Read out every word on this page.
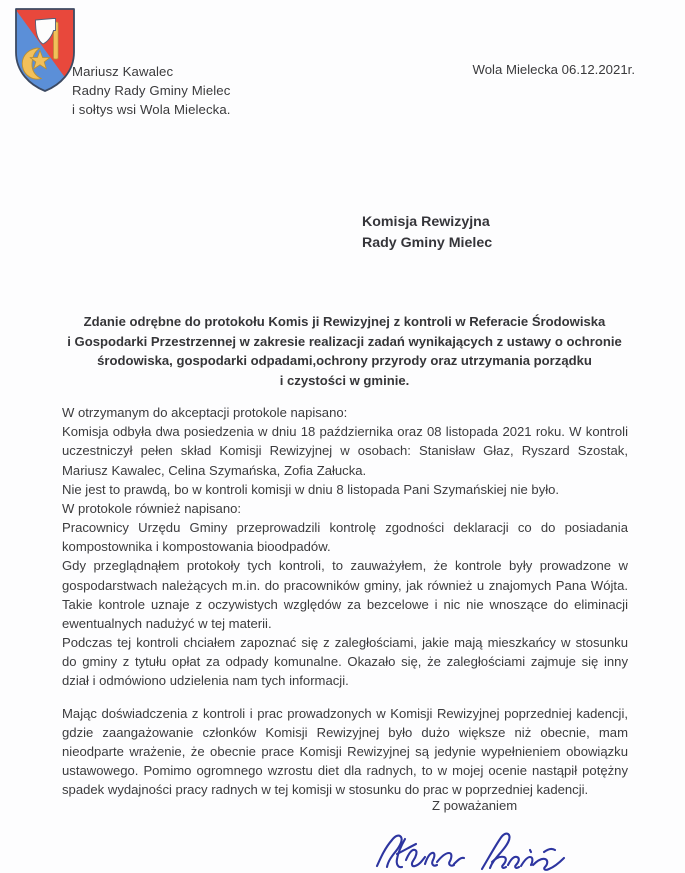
Mariusz Kawalec
Radny Rady Gminy Mielec
i sołtys wsi Wola Mielecka.
Wola Mielecka 06.12.2021r.
Komisja Rewizyjna
Rady Gminy Mielec
Zdanie odrębne do protokołu Komis ji Rewizyjnej z kontroli w Referacie Środowiska
i Gospodarki Przestrzennej w zakresie realizacji zadań wynikających z ustawy o ochronie
środowiska, gospodarki odpadami,ochrony przyrody oraz utrzymania porządku
i czystości w gminie.

W otrzymanym do akceptacji protokole napisano:

Komisja odbyła dwa posiedzenia w dniu 18 października oraz 08 listopada 2021 roku. W kontroli uczestniczył pełen skład Komisji Rewizyjnej w osobach: Stanisław Głaz, Ryszard Szostak, Mariusz Kawalec, Celina Szymańska, Zofia Załucka.

Nie jest to prawdą, bo w kontroli komisji w dniu 8 listopada Pani Szymańskiej nie było.

W protokole również napisano:

Pracownicy Urzędu Gminy przeprowadzili kontrolę zgodności deklaracji co do posiadania kompostownika i kompostowania bioodpadów.

Gdy przeglądnąłem protokoły tych kontroli, to zauważyłem, że kontrole były prowadzone w gospodarstwach należących m.in. do pracowników gminy, jak również u znajomych Pana Wójta. Takie kontrole uznaje z oczywistych względów za bezcelowe i nic nie wnoszące do eliminacji ewentualnych nadużyć w tej materii.

Podczas tej kontroli chciałem zapoznać się z zaległościami, jakie mają mieszkańcy w stosunku do gminy z tytułu opłat za odpady komunalne. Okazało się, że zaległościami zajmuje się inny dział i odmówiono udzielenia nam tych informacji.

Mając doświadczenia z kontroli i prac prowadzonych w Komisji Rewizyjnej poprzedniej kadencji, gdzie zaangażowanie członków Komisji Rewizyjnej było dużo większe niż obecnie, mam nieodparte wrażenie, że obecnie prace Komisji Rewizyjnej są jedynie wypełnieniem obowiązku ustawowego. Pomimo ogromnego wzrostu diet dla radnych, to w mojej ocenie nastąpił potężny spadek wydajności pracy radnych w tej komisji w stosunku do prac w poprzedniej kadencji.

Z poważaniem
